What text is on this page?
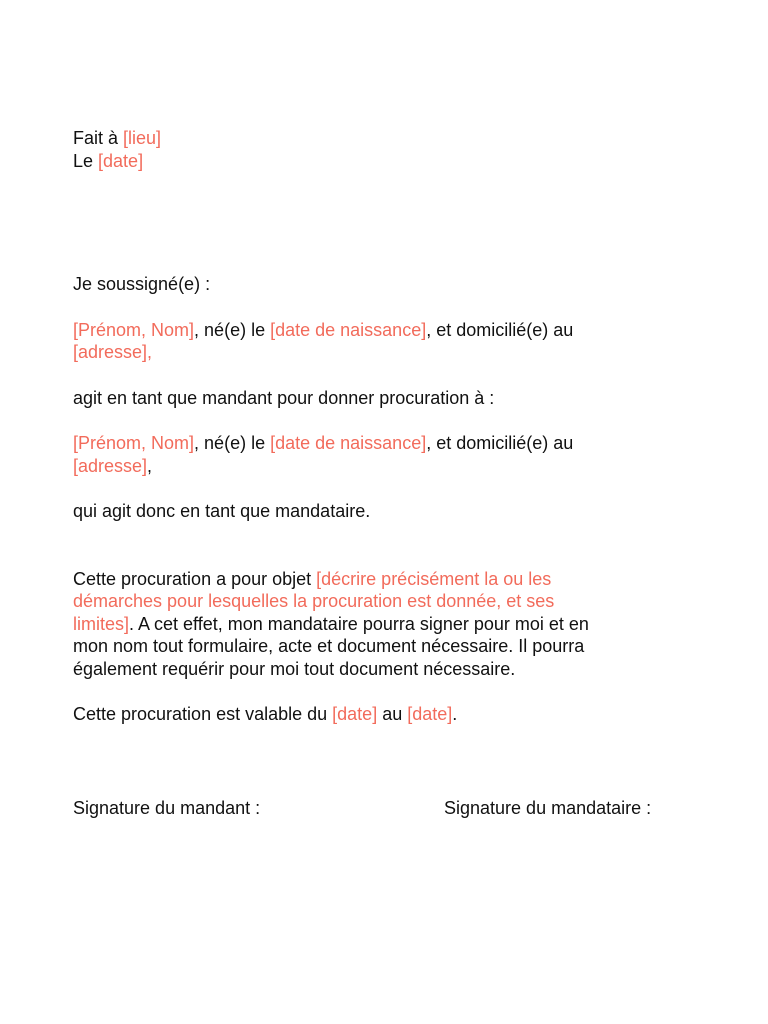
Fait à [lieu]
Le [date]

Je soussigné(e) :

[Prénom, Nom], né(e) le [date de naissance], et domicilié(e) au
[adresse],

agit en tant que mandant pour donner procuration à :

[Prénom, Nom], né(e) le [date de naissance], et domicilié(e) au
[adresse],

qui agit donc en tant que mandataire.

Cette procuration a pour objet [décrire précisément la ou les
démarches pour lesquelles la procuration est donnée, et ses
limites]. A cet effet, mon mandataire pourra signer pour moi et en
mon nom tout formulaire, acte et document nécessaire. Il pourra
également requérir pour moi tout document nécessaire.
Cette procuration est valable du [date] au [date].
Signature du mandant :	Signature du mandataire :
